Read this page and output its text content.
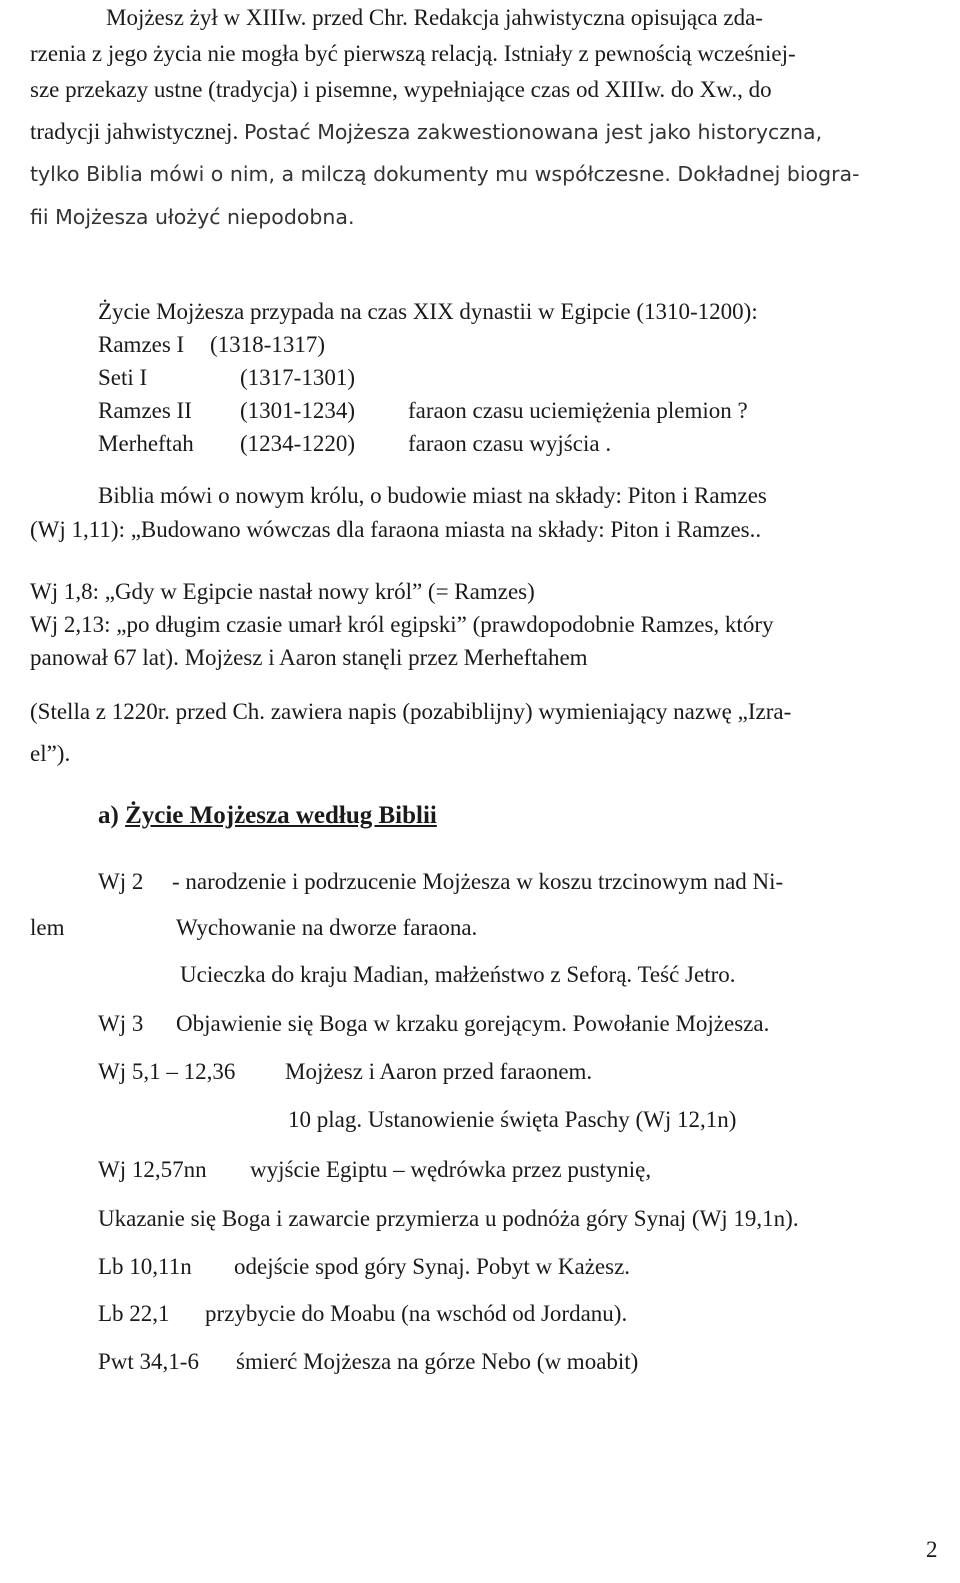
Mojżesz żył w XIIIw. przed Chr. Redakcja jahwistyczna opisująca zda-
rzenia z jego życia nie mogła być pierwszą relacją. Istniały z pewnością wcześniej-
sze przekazy ustne (tradycja) i pisemne, wypełniające czas od XIIIw. do Xw., do
tradycji jahwistycznej. Postać Mojżesza zakwestionowana jest jako historyczna,
tylko Biblia mówi o nim, a milczą dokumenty mu współczesne. Dokładnej biogra-
fii Mojżesza ułożyć niepodobna.
Życie Mojżesza przypada na czas XIX dynastii w Egipcie (1310-1200):
Ramzes I (1318-1317)
Seti I	(1317-1301)
Ramzes II (1301-1234) faraon czasu uciemiężenia plemion ?
Merheftah (1234-1220) faraon czasu wyjścia .
Biblia mówi o nowym królu, o budowie miast na składy: Piton i Ramzes
(Wj 1,11): „Budowano wówczas dla faraona miasta na składy: Piton i Ramzes..
Wj 1,8: „Gdy w Egipcie nastał nowy król” (= Ramzes)
Wj 2,13: „po długim czasie umarł król egipski” (prawdopodobnie Ramzes, który
panował 67 lat). Mojżesz i Aaron stanęli przez Merheftahem
(Stella z 1220r. przed Ch. zawiera napis (pozabiblijny) wymieniający nazwę „Izra-
el”).
a) Życie Mojżesza według Biblii
Wj 2 - narodzenie i podrzucenie Mojżesza w koszu trzcinowym nad Ni-
lem	Wychowanie na dworze faraona.
Ucieczka do kraju Madian, małżeństwo z Seforą. Teść Jetro.
Wj 3 Objawienie się Boga w krzaku gorejącym. Powołanie Mojżesza.
Wj 5,1 – 12,36 Mojżesz i Aaron przed faraonem.
10 plag. Ustanowienie święta Paschy (Wj 12,1n)
Wj 12,57nn wyjście Egiptu – wędrówka przez pustynię,
Ukazanie się Boga i zawarcie przymierza u podnóża góry Synaj (Wj 19,1n).
Lb 10,11n odejście spod góry Synaj. Pobyt w Każesz.
Lb 22,1 przybycie do Moabu (na wschód od Jordanu).
Pwt 34,1-6 śmierć Mojżesza na górze Nebo (w moabit)
2
